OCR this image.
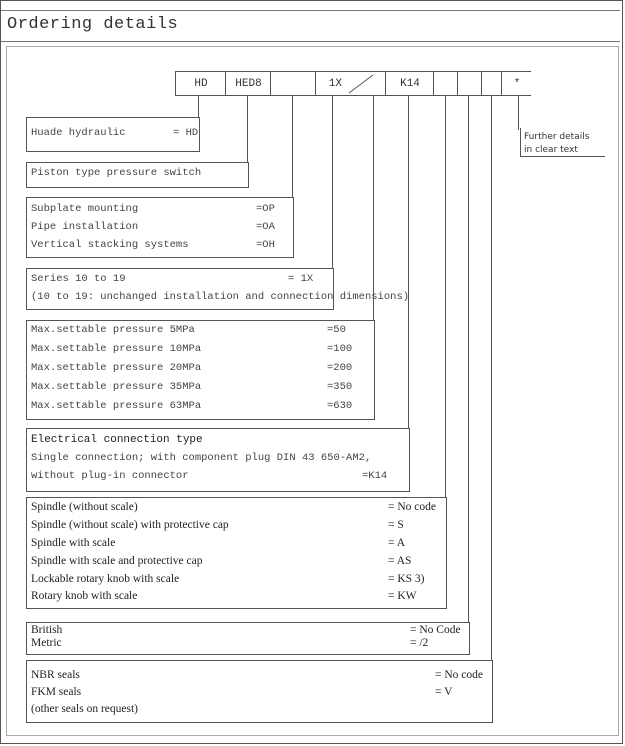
Ordering details
HD	HED8	1X	K14	*
Further details
in clear text
Huade hydraulic	= HD
Piston type pressure switch
Subplate mounting	=OP
Pipe installation	=OA
Vertical stacking systems	=OH
Series 10 to 19	= 1X
(10 to 19: unchanged installation and connection dimensions)
Max.settable pressure 5MPa	=50
Max.settable pressure 10MPa	=100
Max.settable pressure 20MPa	=200
Max.settable pressure 35MPa	=350
Max.settable pressure 63MPa	=630
Electrical connection type
Single connection; with component plug DIN 43 650-AM2,
without plug-in connector	=K14
Spindle (without scale)	= No code
Spindle (without scale) with protective cap	= S
Spindle with scale	= A
Spindle with scale and protective cap	= AS
Lockable rotary knob with scale	= KS 3)
Rotary knob with scale	= KW
British	= No Code
Metric	= /2
NBR seals	= No code
FKM seals	= V
(other seals on request)
